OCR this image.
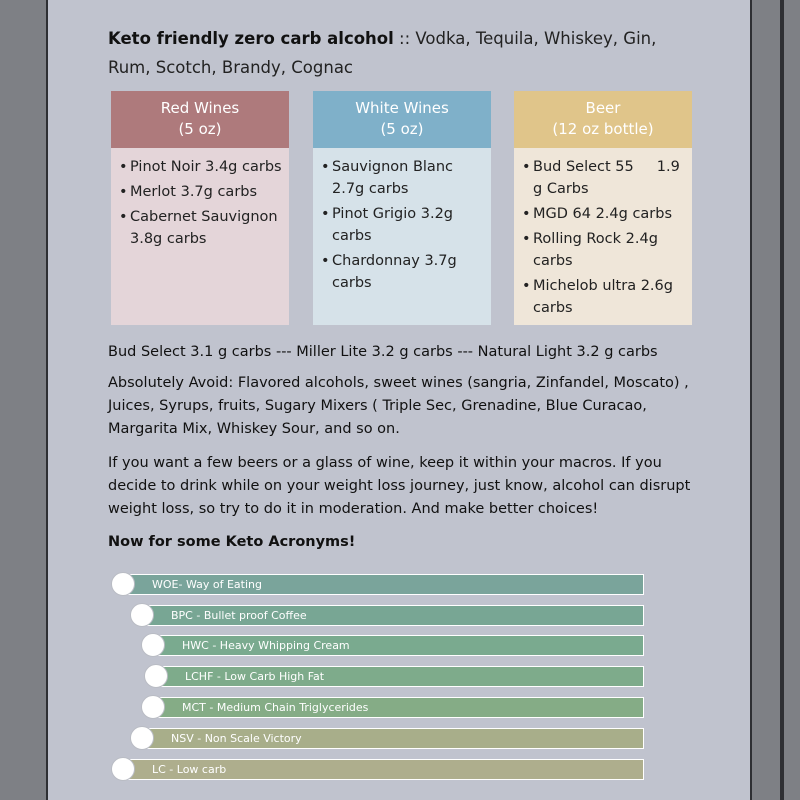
Keto friendly zero carb alcohol :: Vodka, Tequila, Whiskey, Gin, Rum, Scotch, Brandy, Cognac
Red Wines
(5 oz)
• Pinot Noir 3.4g carbs
• Merlot 3.7g carbs
• Cabernet Sauvignon 3.8g carbs
White Wines
(5 oz)
• Sauvignon Blanc 2.7g carbs
• Pinot Grigio 3.2g carbs
• Chardonnay 3.7g carbs
Beer
(12 oz bottle)
• Bud Select 55     1.9 g Carbs
• MGD 64 2.4g carbs
• Rolling Rock 2.4g carbs
• Michelob ultra 2.6g carbs
Bud Select 3.1 g carbs --- Miller Lite 3.2 g carbs --- Natural Light 3.2 g carbs
Absolutely Avoid: Flavored alcohols, sweet wines (sangria, Zinfandel, Moscato) , Juices, Syrups, fruits, Sugary Mixers ( Triple Sec, Grenadine, Blue Curacao, Margarita Mix, Whiskey Sour, and so on.
If you want a few beers or a glass of wine, keep it within your macros. If you decide to drink while on your weight loss journey, just know, alcohol can disrupt weight loss, so try to do it in moderation. And make better choices!
Now for some Keto Acronyms!
WOE- Way of Eating
BPC - Bullet proof Coffee
HWC - Heavy Whipping Cream
LCHF - Low Carb High Fat
MCT - Medium Chain Triglycerides
NSV - Non Scale Victory
LC - Low carb
